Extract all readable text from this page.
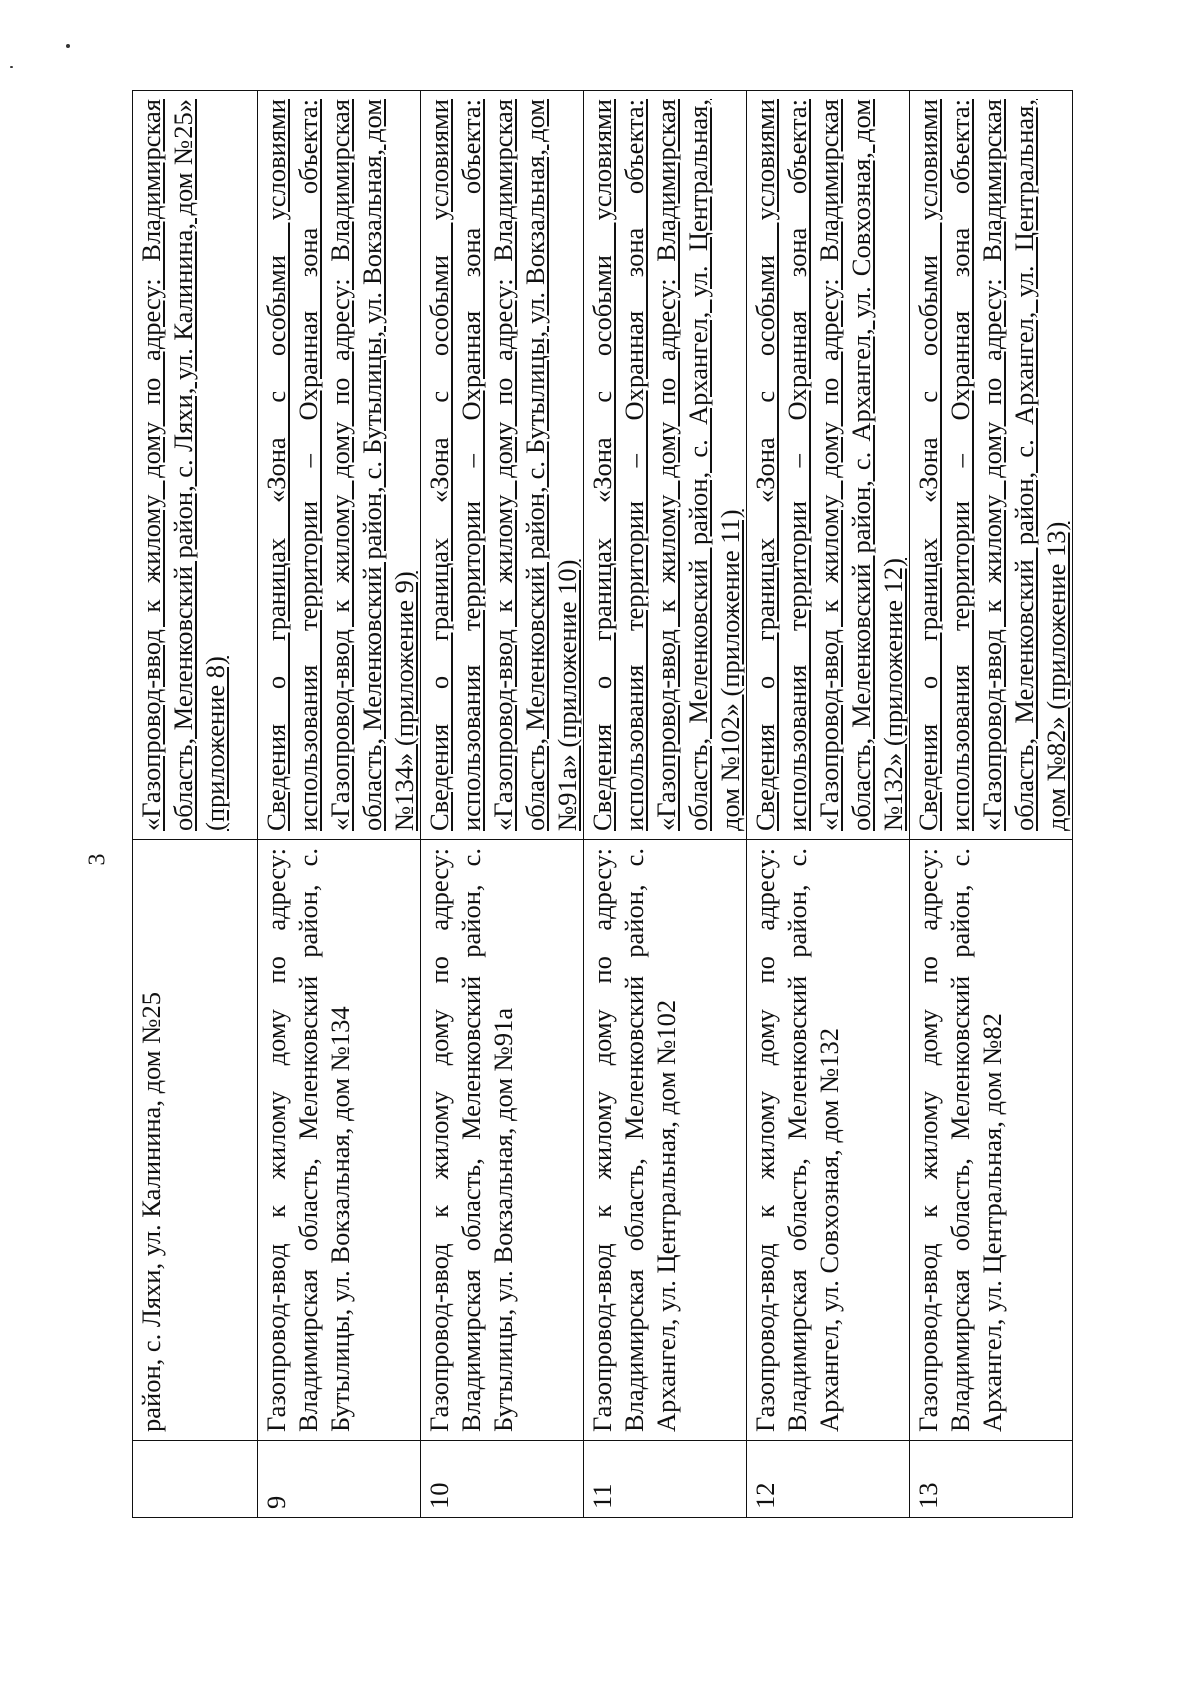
3
	район, с. Ляхи, ул. Калинина, дом №25	«Газопровод-ввод к жилому дому по адресу: Владимирская область, Меленковский район, с. Ляхи, ул. Калинина, дом №25» (приложение 8)
9	Газопровод-ввод к жилому дому по адресу: Владимирская область, Меленковский район, с. Бутылицы, ул. Вокзальная, дом №134	Сведения о границах «Зона с особыми условиями использования территории – Охранная зона объекта: «Газопровод-ввод к жилому дому по адресу: Владимирская область, Меленковский район, с. Бутылицы, ул. Вокзальная, дом №134» (приложение 9)
10	Газопровод-ввод к жилому дому по адресу: Владимирская область, Меленковский район, с. Бутылицы, ул. Вокзальная, дом №91а	Сведения о границах «Зона с особыми условиями использования территории – Охранная зона объекта: «Газопровод-ввод к жилому дому по адресу: Владимирская область, Меленковский район, с. Бутылицы, ул. Вокзальная, дом №91а» (приложение 10)
11	Газопровод-ввод к жилому дому по адресу: Владимирская область, Меленковский район, с. Архангел, ул. Центральная, дом №102	Сведения о границах «Зона с особыми условиями использования территории – Охранная зона объекта: «Газопровод-ввод к жилому дому по адресу: Владимирская область, Меленковский район, с. Архангел, ул. Центральная, дом №102» (приложение 11)
12	Газопровод-ввод к жилому дому по адресу: Владимирская область, Меленковский район, с. Архангел, ул. Совхозная, дом №132	Сведения о границах «Зона с особыми условиями использования территории – Охранная зона объекта: «Газопровод-ввод к жилому дому по адресу: Владимирская область, Меленковский район, с. Архангел, ул. Совхозная, дом №132» (приложение 12)
13	Газопровод-ввод к жилому дому по адресу: Владимирская область, Меленковский район, с. Архангел, ул. Центральная, дом №82	Сведения о границах «Зона с особыми условиями использования территории – Охранная зона объекта: «Газопровод-ввод к жилому дому по адресу: Владимирская область, Меленковский район, с. Архангел, ул. Центральная, дом №82» (приложение 13)
